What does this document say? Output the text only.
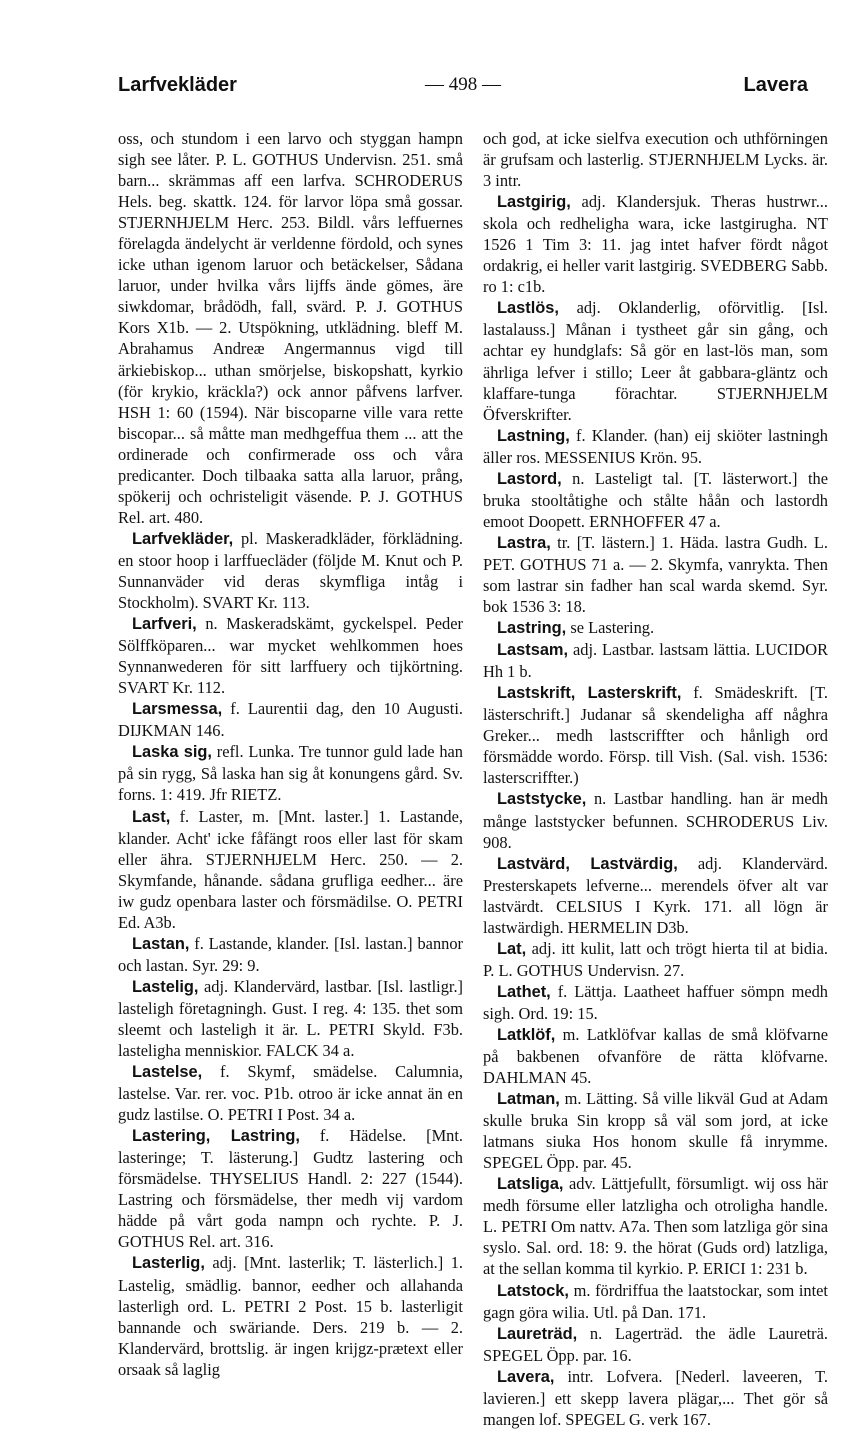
Larfvekläder	— 498 —	Lavera

oss, och stundom i een larvo och styggan hampn sigh see låter. P. L. GOTHUS Undervisn. 251. små barn... skrämmas aff een larfva. SCHRODERUS Hels. beg. skattk. 124. för larvor löpa små gossar. STJERNHJELM Herc. 253. Bildl. vårs leffuernes förelagda ändelycht är verldenne fördold, och synes icke uthan igenom laruor och betäckelser, Sådana laruor, under hvilka vårs lijffs ände gömes, äre siwkdomar, brådödh, fall, svärd. P. J. GOTHUS Kors X1b. — 2. Utspökning, utklädning. bleff M. Abrahamus Andreæ Angermannus vigd till ärkiebiskop... uthan smörjelse, biskopshatt, kyrkio (för krykio, kräckla?) ock annor påfvens larfver. HSH 1: 60 (1594). När biscoparne ville vara rette biscopar... så måtte man medhgeffua them ... att the ordinerade och confirmerade oss och våra predicanter. Doch tilbaaka satta alla laruor, prång, spökerij och ochristeligit väsende. P. J. GOTHUS Rel. art. 480.

Larfvekläder, pl. Maskeradkläder, förklädning. en stoor hoop i larffuecläder (följde M. Knut och P. Sunnanväder vid deras skymfliga intåg i Stockholm). SVART Kr. 113.

Larfveri, n. Maskeradskämt, gyckelspel. Peder Sölffköparen... war mycket wehlkommen hoes Synnanwederen för sitt larffuery och tijkörtning. SVART Kr. 112.

Larsmessa, f. Laurentii dag, den 10 Augusti. DIJKMAN 146.

Laska sig, refl. Lunka. Tre tunnor guld lade han på sin rygg, Så laska han sig åt konungens gård. Sv. forns. 1: 419. Jfr RIETZ.

Last, f. Laster, m. [Mnt. laster.] 1. Lastande, klander. Acht' icke fåfängt roos eller last för skam eller ähra. STJERNHJELM Herc. 250. — 2. Skymfande, hånande. sådana grufliga eedher... äre iw gudz openbara laster och försmädilse. O. PETRI Ed. A3b.

Lastan, f. Lastande, klander. [Isl. lastan.] bannor och lastan. Syr. 29: 9.

Lastelig, adj. Klandervärd, lastbar. [Isl. lastligr.] lasteligh företagningh. Gust. I reg. 4: 135. thet som sleemt och lasteligh it är. L. PETRI Skyld. F3b. lasteligha menniskior. FALCK 34 a.

Lastelse, f. Skymf, smädelse. Calumnia, lastelse. Var. rer. voc. P1b. otroo är icke annat än en gudz lastilse. O. PETRI I Post. 34 a.

Lastering, Lastring, f. Hädelse. [Mnt. lasteringe; T. lästerung.] Gudtz lastering och försmädelse. THYSELIUS Handl. 2: 227 (1544). Lastring och försmädelse, ther medh vij vardom hädde på vårt goda nampn och rychte. P. J. GOTHUS Rel. art. 316.

Lasterlig, adj. [Mnt. lasterlik; T. lästerlich.] 1. Lastelig, smädlig. bannor, eedher och allahanda lasterligh ord. L. PETRI 2 Post. 15 b. lasterligit bannande och swäriande. Ders. 219 b. — 2. Klandervärd, brottslig. är ingen krijgz-prætext eller orsaak så laglig

och god, at icke sielfva execution och uthförningen är grufsam och lasterlig. STJERNHJELM Lycks. är. 3 intr.

Lastgirig, adj. Klandersjuk. Theras hustrwr... skola och redheligha wara, icke lastgirugha. NT 1526 1 Tim 3: 11. jag intet hafver fördt något ordakrig, ei heller varit lastgirig. SVEDBERG Sabb. ro 1: c1b.

Lastlös, adj. Oklanderlig, oförvitlig. [Isl. lastalauss.] Månan i tystheet går sin gång, och achtar ey hundglafs: Så gör en last-lös man, som ährliga lefver i stillo; Leer åt gabbara-gläntz och klaffare-tunga förachtar. STJERNHJELM Öfverskrifter.

Lastning, f. Klander. (han) eij skiöter lastningh äller ros. MESSENIUS Krön. 95.

Lastord, n. Lasteligt tal. [T. lästerwort.] the bruka stooltåtighe och stålte håån och lastordh emoot Doopett. ERNHOFFER 47 a.

Lastra, tr. [T. lästern.] 1. Häda. lastra Gudh. L. PET. GOTHUS 71 a. — 2. Skymfa, vanrykta. Then som lastrar sin fadher han scal warda skemd. Syr. bok 1536 3: 18.

Lastring, se Lastering.

Lastsam, adj. Lastbar. lastsam lättia. LUCIDOR Hh 1 b.

Lastskrift, Lasterskrift, f. Smädeskrift. [T. lästerschrift.] Judanar så skendeligha aff någhra Greker... medh lastscriffter och hånligh ord försmädde wordo. Försp. till Vish. (Sal. vish. 1536: lasterscriffter.)

Laststycke, n. Lastbar handling. han är medh månge laststycker befunnen. SCHRODERUS Liv. 908.

Lastvärd, Lastvärdig, adj. Klandervärd. Presterskapets lefverne... merendels öfver alt var lastvärdt. CELSIUS I Kyrk. 171. all lögn är lastwärdigh. HERMELIN D3b.

Lat, adj. itt kulit, latt och trögt hierta til at bidia. P. L. GOTHUS Undervisn. 27.

Lathet, f. Lättja. Laatheet haffuer sömpn medh sigh. Ord. 19: 15.

Latklöf, m. Latklöfvar kallas de små klöfvarne på bakbenen ofvanföre de rätta klöfvarne. DAHLMAN 45.

Latman, m. Lätting. Så ville likväl Gud at Adam skulle bruka Sin kropp så väl som jord, at icke latmans siuka Hos honom skulle få inrymme. SPEGEL Öpp. par. 45.

Latsliga, adv. Lättjefullt, försumligt. wij oss här medh försume eller latzligha och otroligha handle. L. PETRI Om nattv. A7a. Then som latzliga gör sina syslo. Sal. ord. 18: 9. the hörat (Guds ord) latzliga, at the sellan komma til kyrkio. P. ERICI 1: 231 b.

Latstock, m. fördriffua the laatstockar, som intet gagn göra wilia. Utl. på Dan. 171.

Laureträd, n. Lagerträd. the ädle Laureträ. SPEGEL Öpp. par. 16.

Lavera, intr. Lofvera. [Nederl. laveeren, T. lavieren.] ett skepp lavera plägar,... Thet gör så mangen lof. SPEGEL G. verk 167.
